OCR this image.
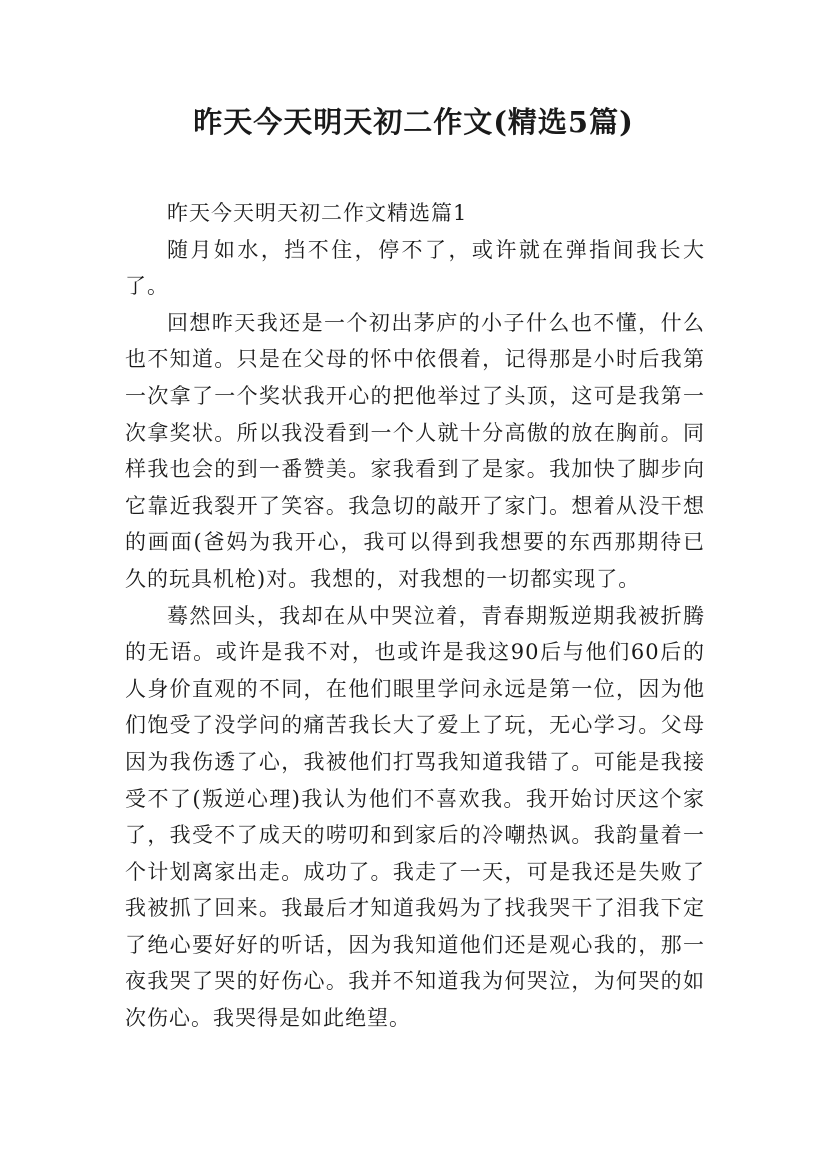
昨天今天明天初二作文(精选5篇)

昨天今天明天初二作文精选篇1

随月如水，挡不住，停不了，或许就在弹指间我长大了。

回想昨天我还是一个初出茅庐的小子什么也不懂，什么也不知道。只是在父母的怀中依偎着，记得那是小时后我第一次拿了一个奖状我开心的把他举过了头顶，这可是我第一次拿奖状。所以我没看到一个人就十分高傲的放在胸前。同样我也会的到一番赞美。家我看到了是家。我加快了脚步向它靠近我裂开了笑容。我急切的敲开了家门。想着从没干想的画面(爸妈为我开心，我可以得到我想要的东西那期待已久的玩具机枪)对。我想的，对我想的一切都实现了。

蓦然回头，我却在从中哭泣着，青春期叛逆期我被折腾的无语。或许是我不对，也或许是我这90后与他们60后的人身价直观的不同，在他们眼里学问永远是第一位，因为他们饱受了没学问的痛苦我长大了爱上了玩，无心学习。父母因为我伤透了心，我被他们打骂我知道我错了。可能是我接受不了(叛逆心理)我认为他们不喜欢我。我开始讨厌这个家了，我受不了成天的唠叨和到家后的冷嘲热讽。我韵量着一个计划离家出走。成功了。我走了一天，可是我还是失败了我被抓了回来。我最后才知道我妈为了找我哭干了泪我下定了绝心要好好的听话，因为我知道他们还是观心我的，那一夜我哭了哭的好伤心。我并不知道我为何哭泣，为何哭的如次伤心。我哭得是如此绝望。
